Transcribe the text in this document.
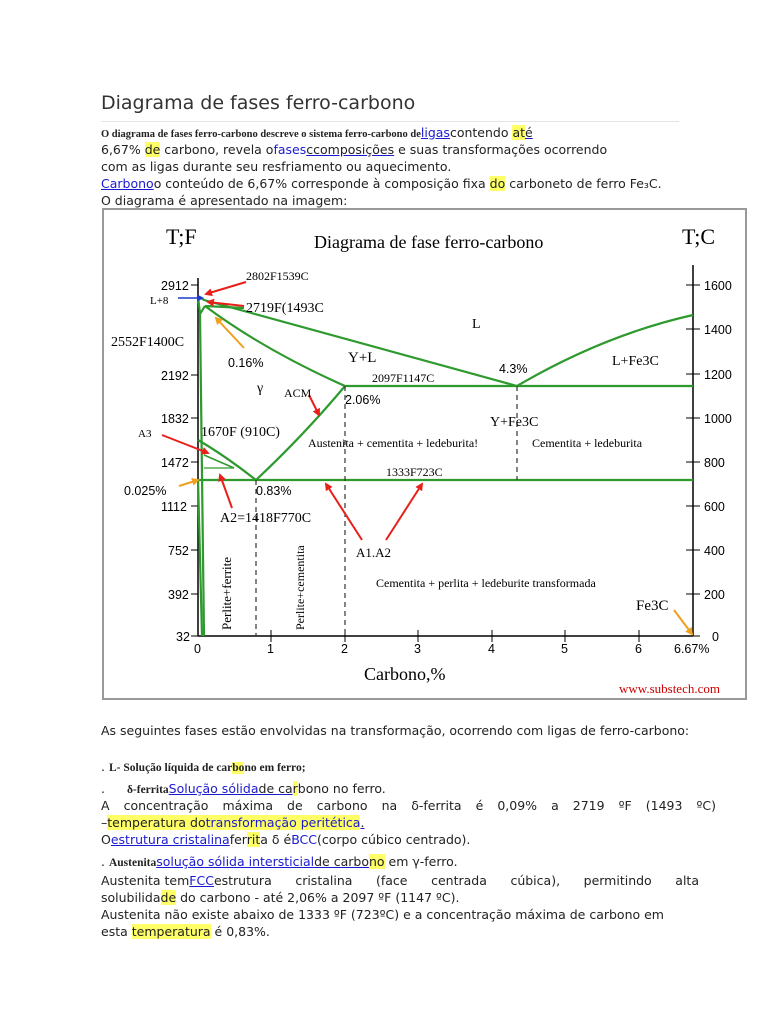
Diagrama de fases ferro-carbono
O diagrama de fases ferro-carbono descreve o sistema ferro-carbono deligascontendo até
6,67% de carbono, revela ofasesccomposições e suas transformações ocorrendo
com as ligas durante seu resfriamento ou aquecimento.
Carbonoo conteúdo de 6,67% corresponde à composição fixa do carboneto de ferro Fe₃C.
O diagrama é apresentado na imagem:
T;F	T;C
Diagrama de fase ferro-carbono
2912
2192
1832
1472
1112
752
392
32
1600
1400
1200
1000
800
600
400
200
0
0	1	2	3	4	5	6	6.67%
Carbono,%
2802F1539C
L+8	2719F(1493C
2552F1400C
0.16%
L
Y+L
4.3%	L+Fe3C
γ ACM
2097F1147C
2.06%
A3	1670F (910C)
Y+Fe3C
Austenita + cementita + ledeburita!	Cementita + ledeburita
1333F723C
0.025%	0.83%
A2=1418F770C
A1.A2
Cementita + perlita + ledeburite transformada
Perlite+ferrite	Perlite+cementita	Fe3C
www.substech.com
As seguintes fases estão envolvidas na transformação, ocorrendo com ligas de ferro-carbono:
. L- Solução líquida de carbono em ferro;
. δ-ferritaSolução sólidade carbono no ferro.
A concentração máxima de carbono na δ-ferrita é 0,09% a 2719 ºF (1493 ºC)
–temperatura dotransformação peritética.
Oestrutura cristalinaferrita δ éBCC(corpo cúbico centrado).
. Austenitasolução sólida intersticialde carbono em γ-ferro.
Austenita temFCC estrutura cristalina (face centrada cúbica), permitindo alta
solubilidade do carbono - até 2,06% a 2097 ºF (1147 ºC).
Austenita não existe abaixo de 1333 ºF (723ºC) e a concentração máxima de carbono em
esta temperatura é 0,83%.
